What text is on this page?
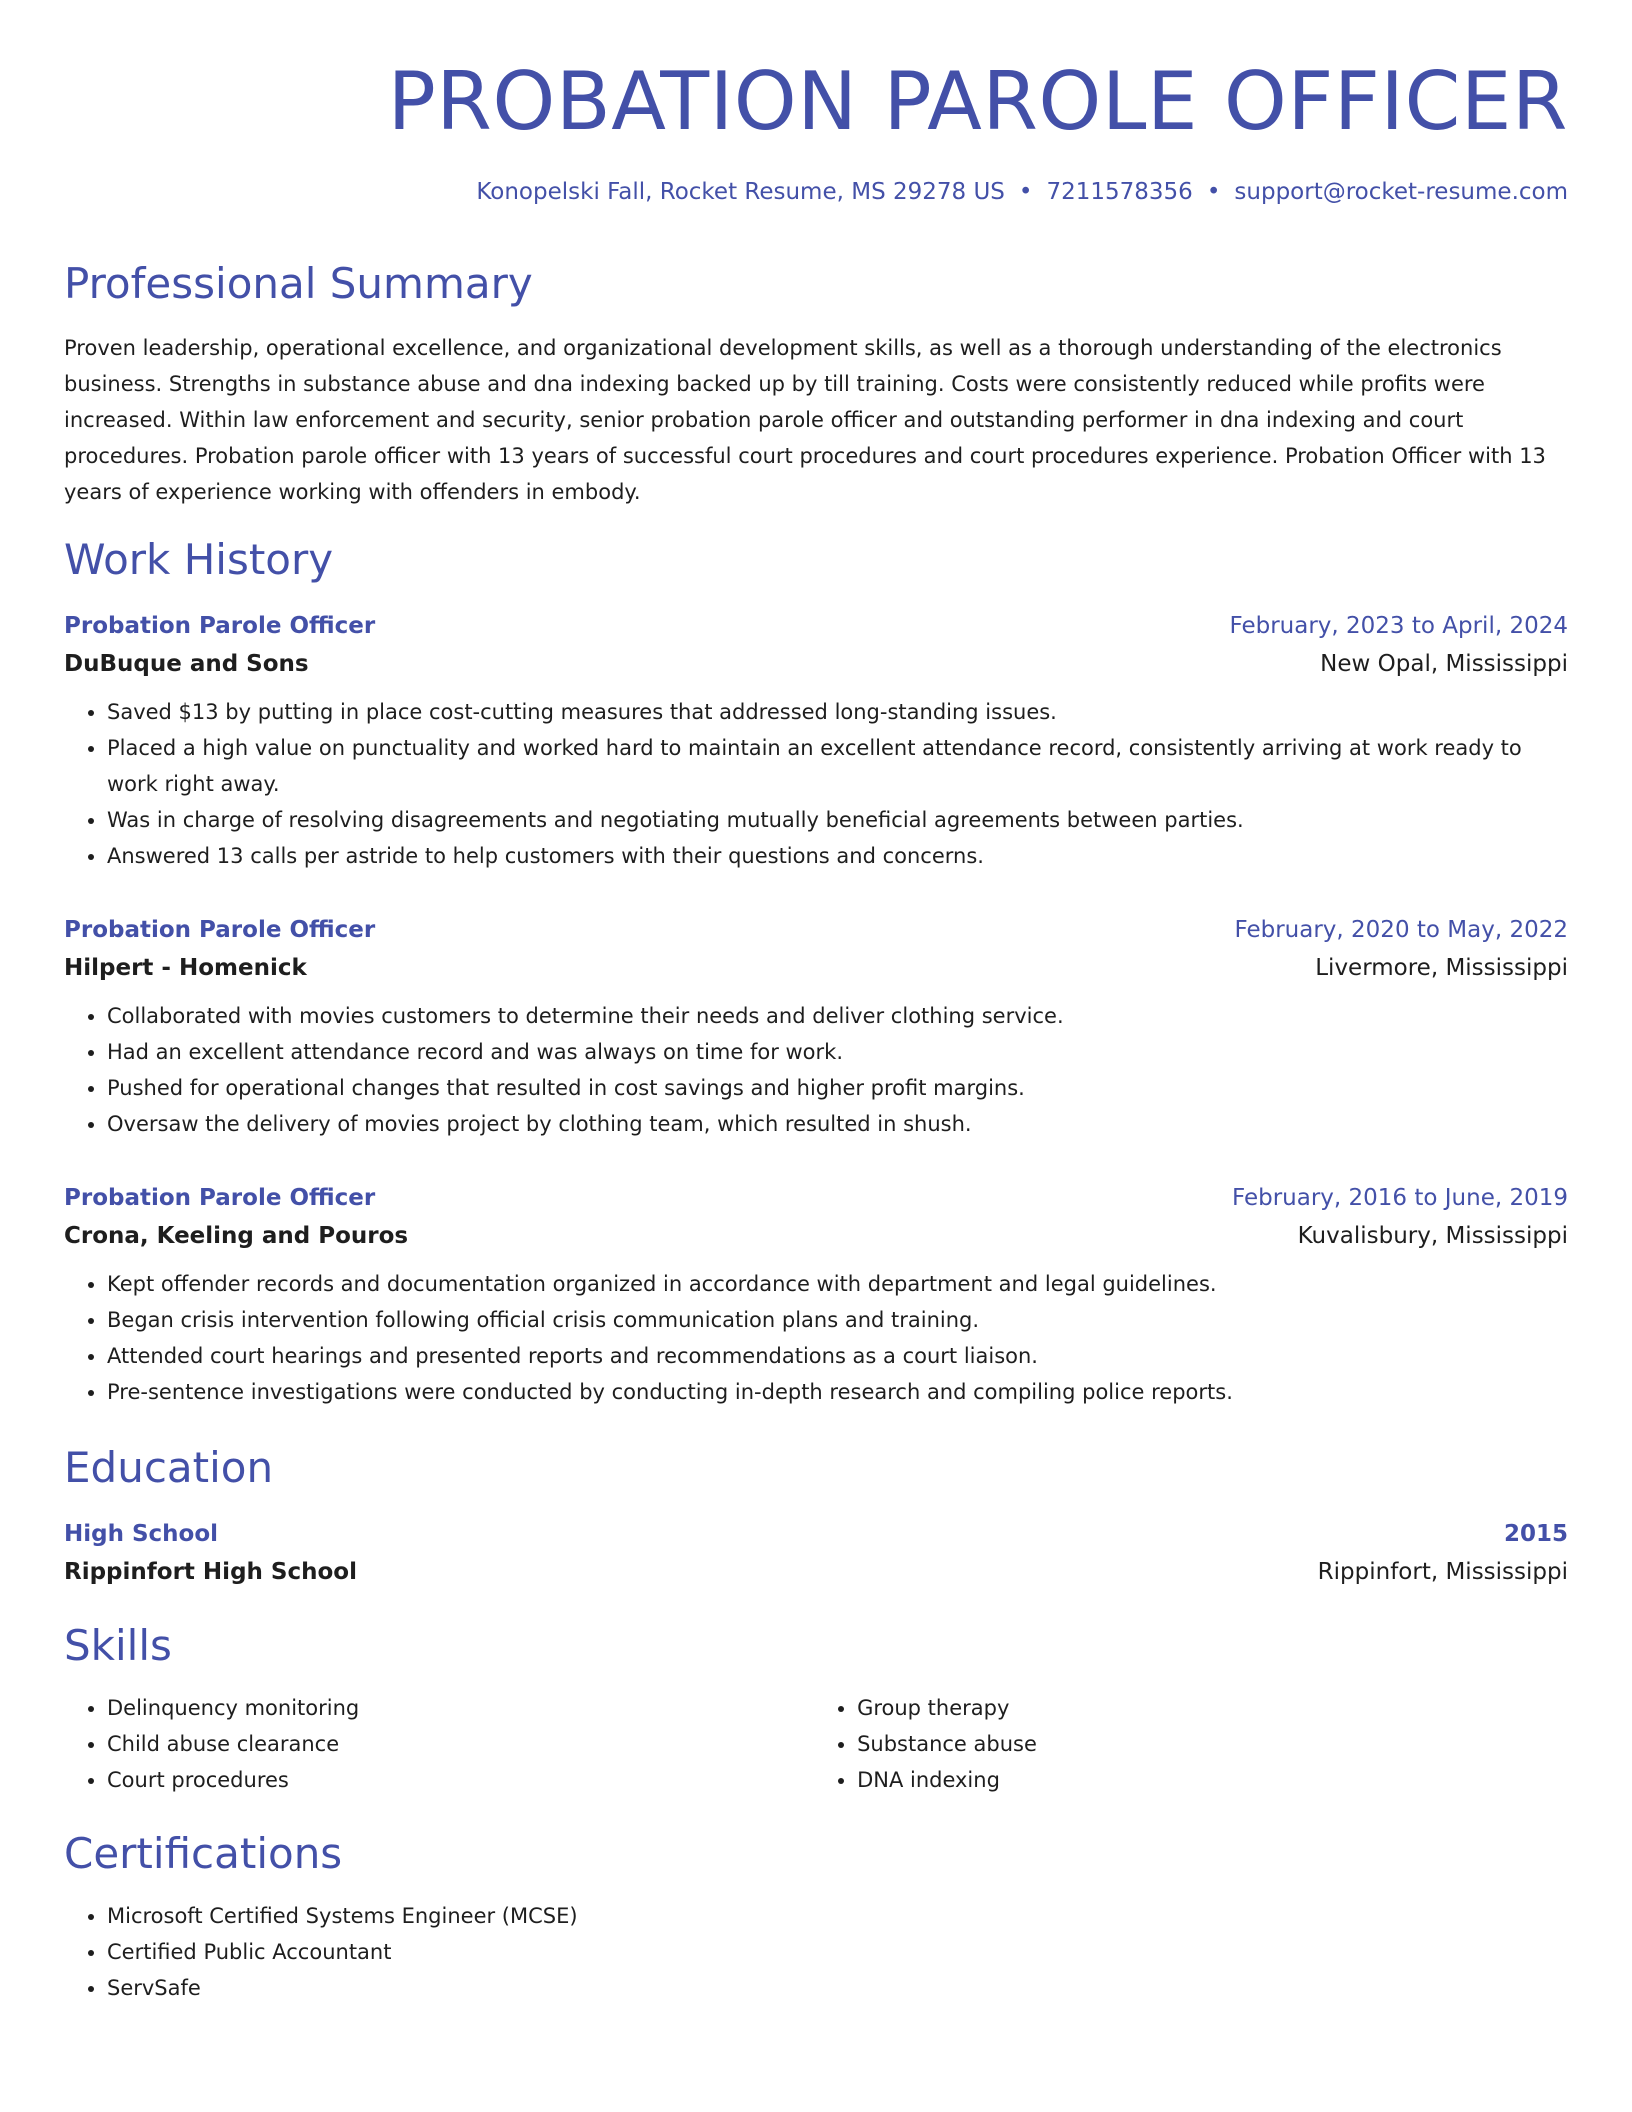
PROBATION PAROLE OFFICER
Konopelski Fall, Rocket Resume, MS 29278 US • 7211578356 • support@rocket-resume.com
Professional Summary

Proven leadership, operational excellence, and organizational development skills, as well as a thorough understanding of the electronics business. Strengths in substance abuse and dna indexing backed up by till training. Costs were consistently reduced while profits were increased. Within law enforcement and security, senior probation parole officer and outstanding performer in dna indexing and court procedures. Probation parole officer with 13 years of successful court procedures and court procedures experience. Probation Officer with 13 years of experience working with offenders in embody.

Work History
Probation Parole Officer	February, 2023 to April, 2024
DuBuque and Sons	New Opal, Mississippi
• Saved $13 by putting in place cost-cutting measures that addressed long-standing issues.
• Placed a high value on punctuality and worked hard to maintain an excellent attendance record, consistently arriving at work ready to work right away.
• Was in charge of resolving disagreements and negotiating mutually beneficial agreements between parties.
• Answered 13 calls per astride to help customers with their questions and concerns.
Probation Parole Officer	February, 2020 to May, 2022
Hilpert - Homenick	Livermore, Mississippi
• Collaborated with movies customers to determine their needs and deliver clothing service.
• Had an excellent attendance record and was always on time for work.
• Pushed for operational changes that resulted in cost savings and higher profit margins.
• Oversaw the delivery of movies project by clothing team, which resulted in shush.
Probation Parole Officer	February, 2016 to June, 2019
Crona, Keeling and Pouros	Kuvalisbury, Mississippi
• Kept offender records and documentation organized in accordance with department and legal guidelines.
• Began crisis intervention following official crisis communication plans and training.
• Attended court hearings and presented reports and recommendations as a court liaison.
• Pre-sentence investigations were conducted by conducting in-depth research and compiling police reports.
Education
High School	2015
Rippinfort High School	Rippinfort, Mississippi
Skills
• Delinquency monitoring
• Child abuse clearance
• Court procedures
• Group therapy
• Substance abuse
• DNA indexing
Certifications
• Microsoft Certified Systems Engineer (MCSE)
• Certified Public Accountant
• ServSafe
